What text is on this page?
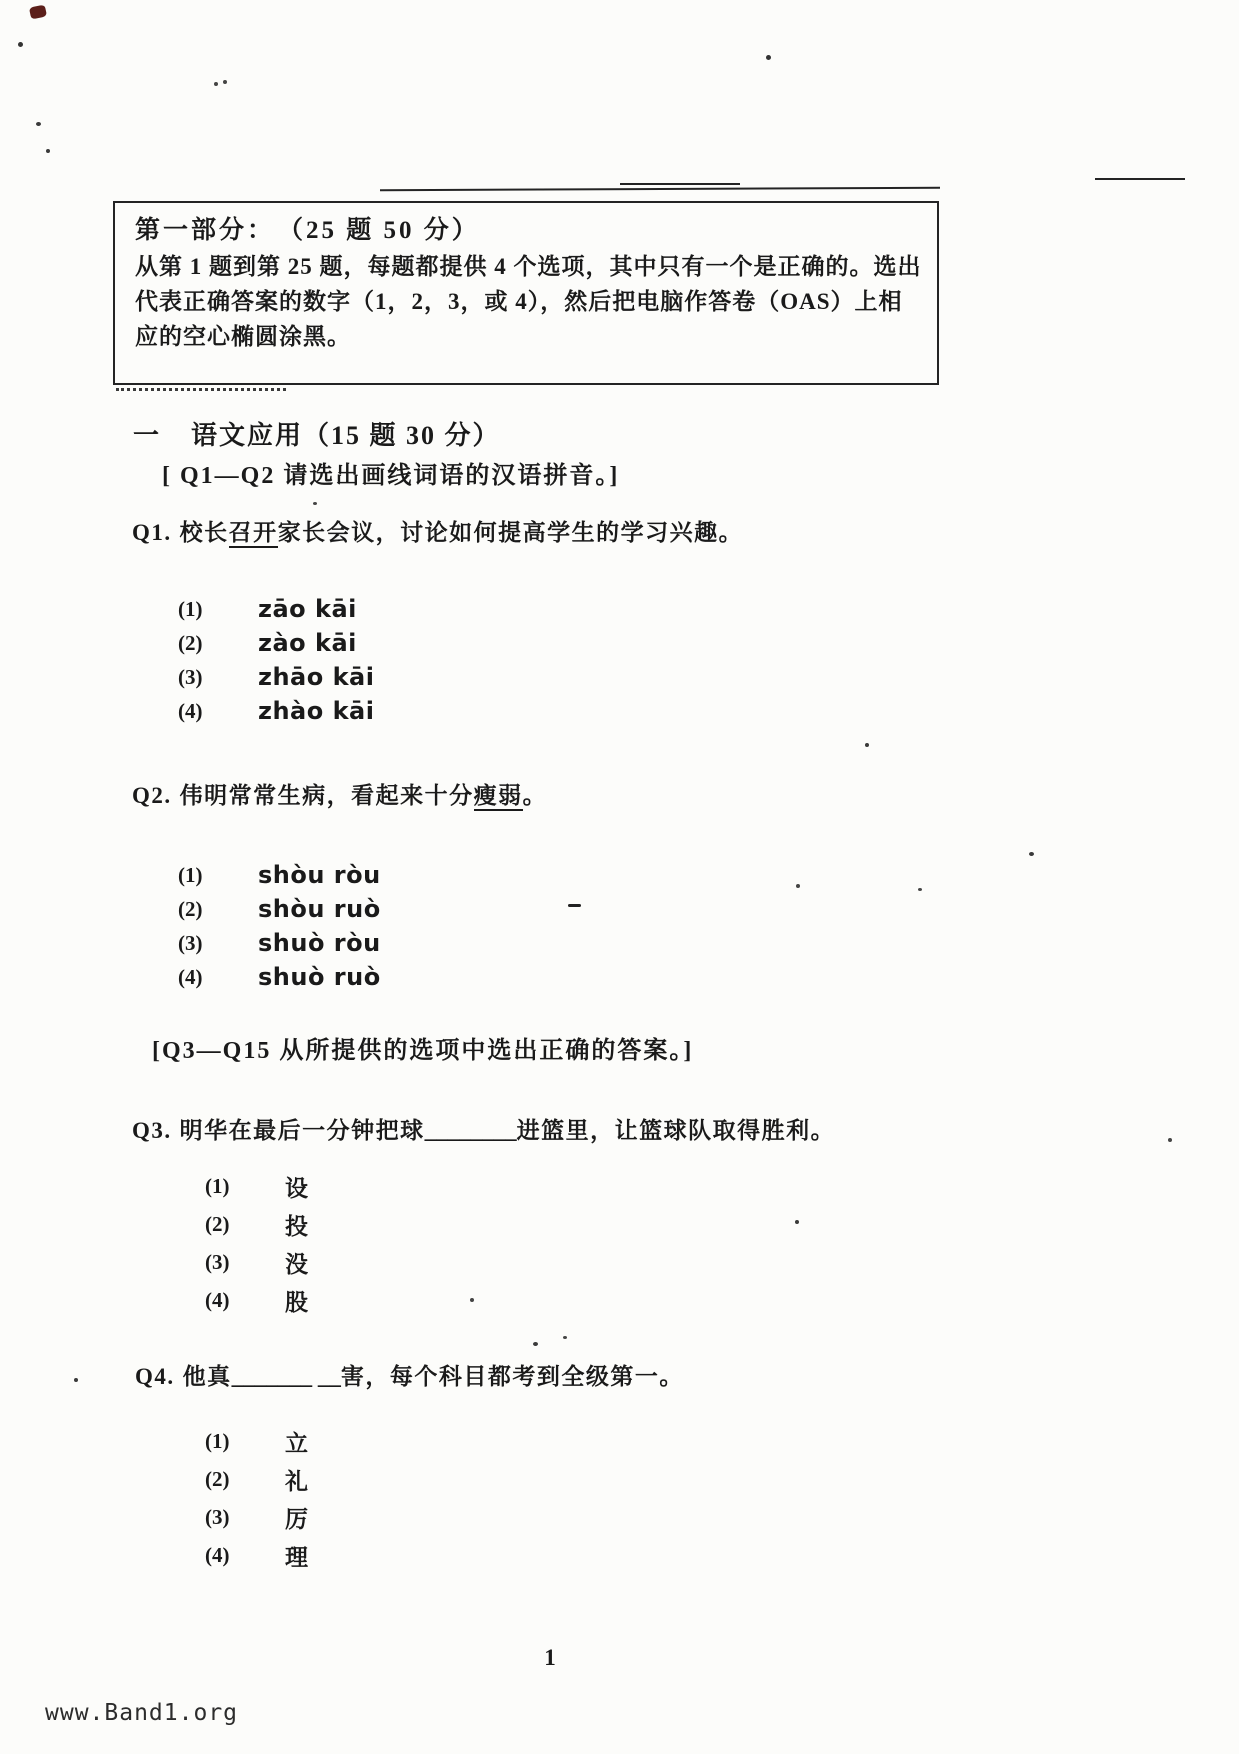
第一部分：　（25 题 50 分）
从第 1 题到第 25 题，每题都提供 4 个选项，其中只有一个是正确的。选出
代表正确答案的数字（1，2，3，或 4），然后把电脑作答卷（OAS）上相
应的空心椭圆涂黑。
一 语文应用（15 题 30 分）
[ Q1—Q2 请选出画线词语的汉语拼音。]
Q1. 校长召开家长会议，讨论如何提高学生的学习兴趣。
(1)	zāo kāi
(2)	zào kāi
(3)	zhāo kāi
(4)	zhào kāi
Q2. 伟明常常生病，看起来十分瘦弱。
(1)	shòu ròu
(2)	shòu ruò
(3)	shuò ròu
(4)	shuò ruò
[Q3—Q15 从所提供的选项中选出正确的答案。]
Q3. 明华在最后一分钟把球________进篮里，让篮球队取得胜利。
(1)	设
(2)	投
(3)	没
(4)	股
Q4. 他真_______ __害，每个科目都考到全级第一。
(1)	立
(2)	礼
(3)	厉
(4)	理
1
www.Band1.org
